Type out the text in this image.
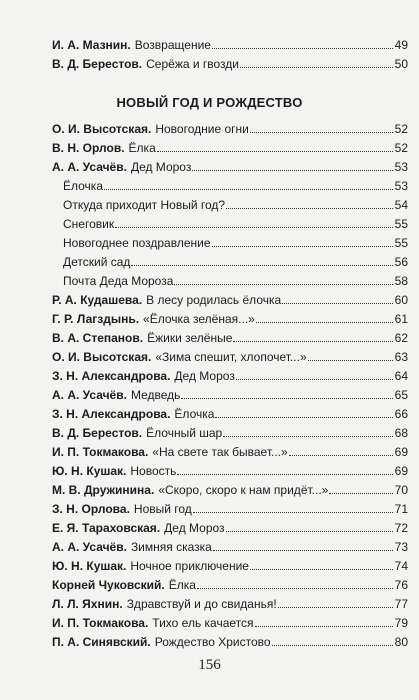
И. А. Мазнин. Возвращение	49
В. Д. Берестов. Серёжа и гвозди	50
НОВЫЙ ГОД И РОЖДЕСТВО
О. И. Высотская. Новогодние огни	52
В. Н. Орлов. Ёлка	52
А. А. Усачёв. Дед Мороз	53
Ёлочка	53
Откуда приходит Новый год?	54
Снеговик	55
Новогоднее поздравление	55
Детский сад	56
Почта Деда Мороза	58
Р. А. Кудашева. В лесу родилась ёлочка	60
Г. Р. Лагздынь. «Ёлочка зелёная...»	61
В. А. Степанов. Ёжики зелёные	62
О. И. Высотская. «Зима спешит, хлопочет...»	63
З. Н. Александрова. Дед Мороз	64
А. А. Усачёв. Медведь	65
З. Н. Александрова. Ёлочка	66
В. Д. Берестов. Ёлочный шар	68
И. П. Токмакова. «На свете так бывает...»	69
Ю. Н. Кушак. Новость	69
М. В. Дружинина. «Скоро, скоро к нам придёт...»	70
З. Н. Орлова. Новый год	71
Е. Я. Тараховская. Дед Мороз	72
А. А. Усачёв. Зимняя сказка	73
Ю. Н. Кушак. Ночное приключение	74
Корней Чуковский. Ёлка	76
Л. Л. Яхнин. Здравствуй и до свиданья!	77
И. П. Токмакова. Тихо ель качается	79
П. А. Синявский. Рождество Христово	80
156
